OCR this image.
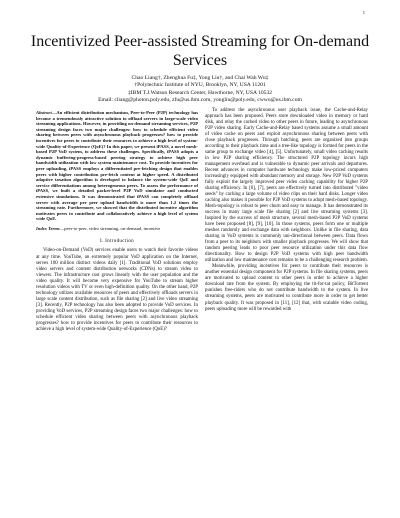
1
Incentivized Peer-assisted Streaming for On-demand Services
Chao Liang†, Zhenghua Fu‡, Yong Liu†, and Chai Wah Wu‡
†Polytechnic Institute of NYU, Brooklyn, NY, USA 11201
‡IBM T.J.Watson Research Center, Hawthorne, NY, USA 10532
Email: cliang@photon.poly.edu, zfu@us.ibm.com, yongliu@poly.edu, cwwu@us.ibm.com
Abstract—An efficient distribution mechanism, Peer-to-Peer (P2P) technology has become a tremendously attractive solution to offload servers in large-scale video streaming applications. However, in providing on-demand streaming services, P2P streaming design faces two major challenges: how to schedule efficient video sharing between peers with asynchronous playback progresses? how to provide incentives for peers to contribute their resources to achieve a high level of system-wide Quality-of-Experience (QoE)? In this paper, we present iPASS, a novel mesh-based P2P VoD system, to address these challenges. Specifically, iPASS adopts a dynamic buffering-progress-based peering strategy to achieve high peer bandwidth utilization with low system maintenance cost. To provide incentives for peer uploading, iPASS employs a differentiated pre-fetching design that enables peers with higher contribution pre-fetch content at higher speed. A distributed adaptive taxation algorithm is developed to balance the system-wide QoE and service differentiations among heterogeneous peers. To assess the performance of iPASS, we built a detailed packet-level P2P VoD simulator and conducted extensive simulations. It was demonstrated that iPASS can completely offload server with average per peer upload bandwidth is more than 1.2 times the streaming rate. Furthermore, we showed that the distributed incentive algorithm motivates peers to contribute and collaboratively achieve a high level of system wide QoE.
Index Terms—peer-to-peer, video streaming, on-demand, incentive
I. Introduction

Video-on-Demand (VoD) services enable users to watch their favorite videos at any time. YouTube, an extremely popular VoD application on the Internet, serves 100 million distinct videos daily [1]. Traditional VoD solutions employ video servers and content distribution networks (CDNs) to stream video to viewers. The infrastructure cost grows linearly with the user population and the video quality. It will become very expensive for YouTube to stream higher resolution videos with TV or even high-definition quality. On the other hand, P2P technology utilizes available resources of peers and effectively offloads servers in large scale content distribution, such as file sharing [2] and live video streaming [3]. Recently, P2P technology has also been adopted to provide VoD services. In providing VoD services, P2P streaming design faces two major challenges: how to schedule efficient video sharing between peers with asynchronous playback progresses? how to provide incentives for peers to contribute their resources to achieve a high level of system-wide Quality-of-Experience (QoE)?

To address the asynchronous user playback issue, the Cache-and-Relay approach has been proposed. Peers store downloaded video in memory or hard disk, and relay the cached video to other peers in future, leading to asynchronous P2P video sharing. Early Cache-and-Relay based systems assume a small amount of video cache on peers and exploit asynchronous sharing between peers with close playback progresses. Through batching, peers are organized into groups according to their playback time and a tree-like topology is formed for peers in the same group to exchange video [4], [5]. Unfortunately, small video caching results in low P2P sharing efficiency. The structured P2P topology incurs high management overhead and is vulnerable to dynamic peer arrivals and departures. Recent advances in computer hardware technology make low-priced computers increasingly equipped with abundant memory and storage. New P2P VoD systems fully exploit the largely improved peer video caching capability for higher P2P sharing efficiency. In [6], [7], peers are effectively turned into distributed "video seeds" by caching a large volume of video clips on their hard disks. Longer video caching also makes it possible for P2P VoD systems to adopt mesh-based topology. Mesh-topology is robust to peer churn and easy to manage. It has demonstrated its success in many large scale file sharing [2] and live streaming systems [3]. Inspired by the success of mesh structure, several mesh-based P2P VoD systems have been proposed [8], [9], [10]. In those systems, peers form one or multiple meshes randomly and exchange data with neighbors. Unlike in file sharing, data sharing in VoD systems is commonly uni-directional between peers. Data flows from a peer to its neighbors with smaller playback progresses. We will show that random peering leads to poor peer resource utilization under this data flow directionality. How to design P2P VoD systems with high peer bandwidth utilization and low maintenance cost remains to be a challenging research problem.

Meanwhile, providing incentives for peers to contribute their resources is another essential design component for P2P systems. In file sharing systems, peers are motivated to upload content to other peers in order to achieve a higher download rate from the system. By employing the tit-for-tat policy, BitTorrent punishes free-riders who do not contribute bandwidth to the system. In live streaming systems, peers are motivated to contribute more in order to get better playback quality. It was proposed in [11], [12] that, with scalable video coding, peers uploading more will be rewarded with
